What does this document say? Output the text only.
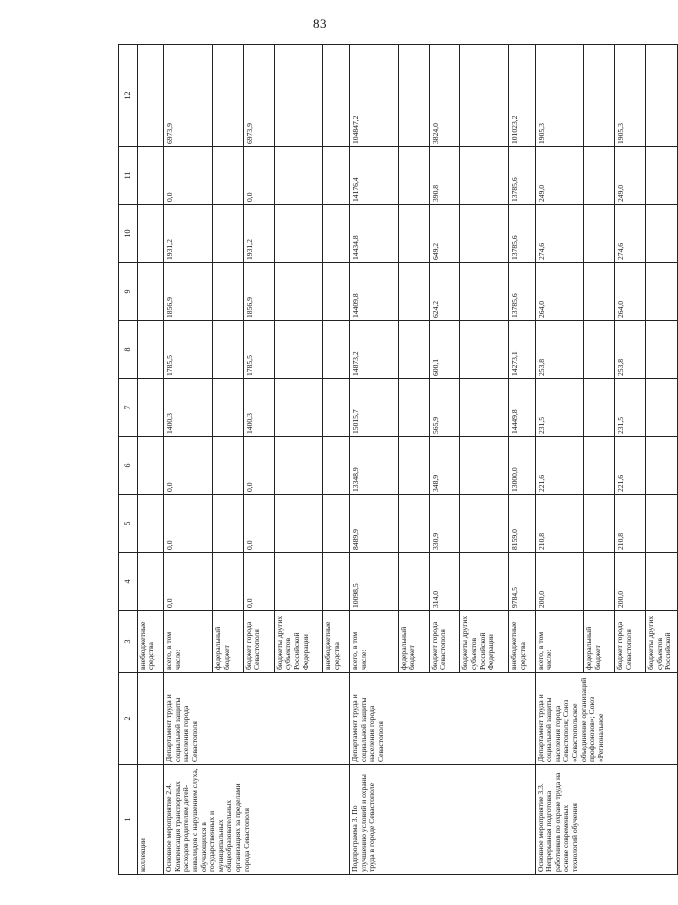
83
1	2	3	4	5	6	7	8	9	10	11	12
коллекции		внебюджетные средства									
Основное мероприятие 2.4. Компенсация транспортных расходов родителям детей-инвалидов с нарушением слуха, обучающихся в государственных и муниципальных общеобразовательных организациях за пределами города Севастополя	Департамент труда и социальной защиты населения города Севастополя	всего, в том числе:	0,0	0,0	0,0	1400,3	1785,5	1856,9	1931,2	0,0	6973,9
		федеральный бюджет									
		бюджет города Севастополя	0,0	0,0	0,0	1400,3	1785,5	1856,9	1931,2	0,0	6973,9
		бюджеты других субъектов Российской Федерации									
		внебюджетные средства									
Подпрограмма 3. По улучшению условий и охраны труда в городе Севастополе	Департамент труда и социальной защиты населения города Севастополя	всего, в том числе:	10098,5	8489,9	13348,9	15015,7	14873,2	14409,8	14434,8	14176,4	104847,2
		федеральный бюджет									
		бюджет города Севастополя	314,0	330,9	348,9	565,9	600,1	624,2	649,2	390,8	3824,0
		бюджеты других субъектов Российской Федерации									
		внебюджетные средства	9784,5	8159,0	13000,0	14449,8	14273,1	13785,6	13785,6	13785,6	101023,2
Основное мероприятие 3.3. Непрерывная подготовка работников по охране труда на основе современных технологий обучения	Департамент труда и социальной защиты населения города Севастополя; Союз «Севастопольское объединение организаций профсоюзов»; Союз «Региональное	всего, в том числе:	200,0	210,8	221,6	231,5	253,8	264,0	274,6	249,0	1905,3
		федеральный бюджет									
		бюджет города Севастополя	200,0	210,8	221,6	231,5	253,8	264,0	274,6	249,0	1905,3
		бюджеты других субъектов Российской									
